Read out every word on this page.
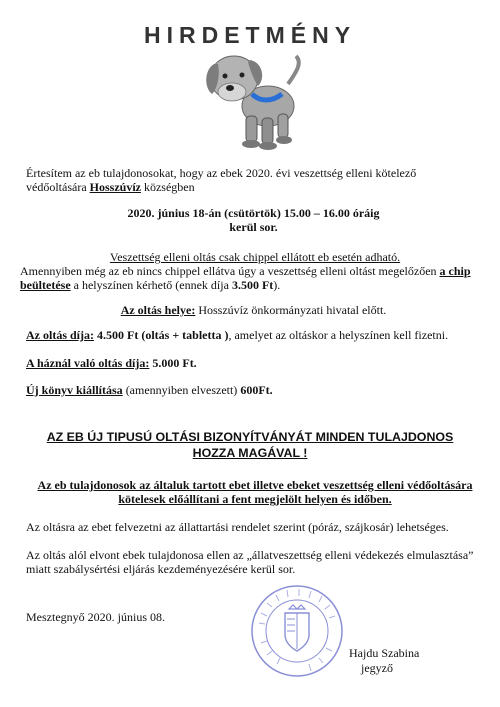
HIRDETMÉNY
Értesítem az eb tulajdonosokat, hogy az ebek 2020. évi veszettség elleni kötelező
védőoltására Hosszúvíz községben
2020. június 18-án (csütörtök) 15.00 – 16.00 óráig
kerül sor.
Veszettség elleni oltás csak chippel ellátott eb esetén adható.
Amennyiben még az eb nincs chippel ellátva úgy a veszettség elleni oltást megelőzően a chip
beültetése a helyszínen kérhető (ennek díja 3.500 Ft).
Az oltás helye: Hosszúvíz önkormányzati hivatal előtt.
Az oltás díja: 4.500 Ft (oltás + tabletta ), amelyet az oltáskor a helyszínen kell fizetni.
A háznál való oltás díja: 5.000 Ft.
Új könyv kiállítása (amennyiben elveszett) 600Ft.
AZ EB ÚJ TIPUSÚ OLTÁSI BIZONYÍTVÁNYÁT MINDEN TULAJDONOS
HOZZA MAGÁVAL !
Az eb tulajdonosok az általuk tartott ebet illetve ebeket veszettség elleni védőoltására
kötelesek előállítani a fent megjelölt helyen és időben.
Az oltásra az ebet felvezetni az állattartási rendelet szerint (póráz, szájkosár) lehetséges.
Az oltás alól elvont ebek tulajdonosa ellen az „állatveszettség elleni védekezés elmulasztása”
miatt szabálysértési eljárás kezdeményezésére kerül sor.
Mesztegnyő 2020. június 08.
Hajdu Szabina
jegyző
